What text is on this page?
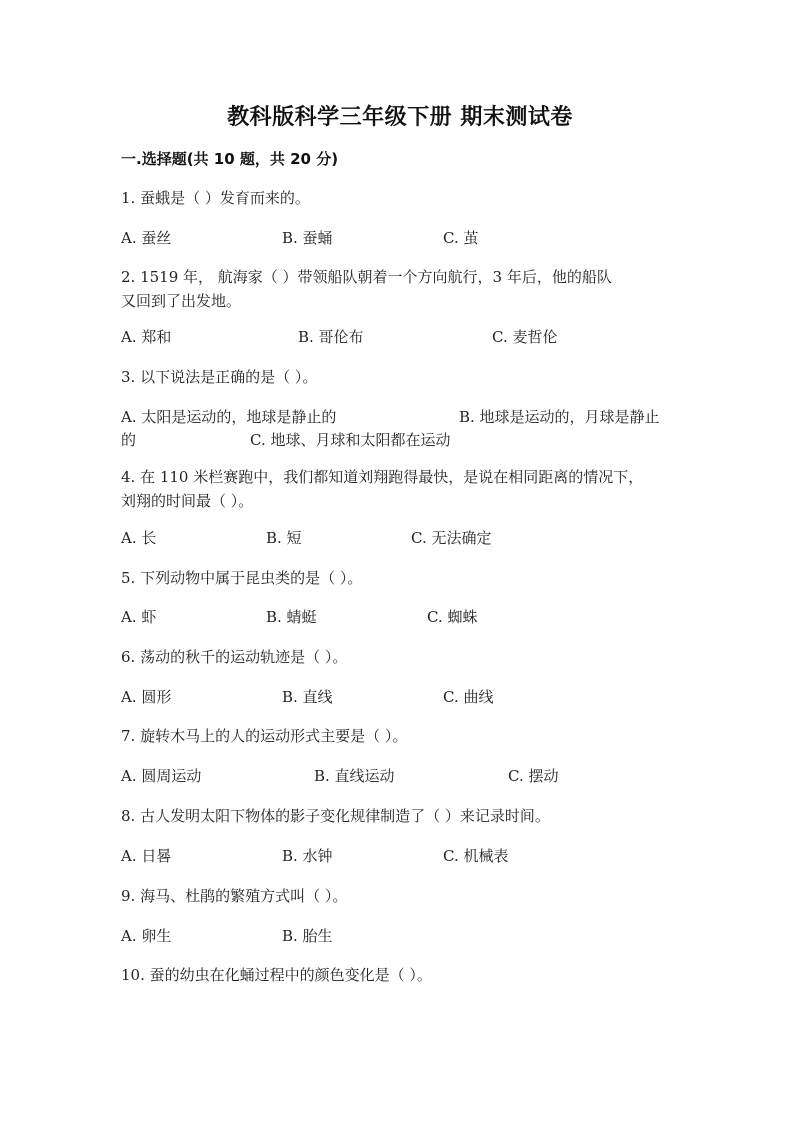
教科版科学三年级下册 期末测试卷
一.选择题(共 10 题，共 20 分)
1. 蚕蛾是（ ）发育而来的。
A. 蚕丝	B. 蚕蛹	C. 茧
2. 1519 年， 航海家（ ）带领船队朝着一个方向航行，3 年后，他的船队
又回到了出发地。
A. 郑和	B. 哥伦布	C. 麦哲伦
3. 以下说法是正确的是（ ）。
A. 太阳是运动的，地球是静止的	B. 地球是运动的，月球是静止
的	C. 地球、月球和太阳都在运动
4. 在 110 米栏赛跑中，我们都知道刘翔跑得最快，是说在相同距离的情况下，
刘翔的时间最（ ）。
A. 长	B. 短	C. 无法确定
5. 下列动物中属于昆虫类的是（ ）。
A. 虾	B. 蜻蜓	C. 蜘蛛
6. 荡动的秋千的运动轨迹是（ ）。
A. 圆形	B. 直线	C. 曲线
7. 旋转木马上的人的运动形式主要是（ ）。
A. 圆周运动	B. 直线运动	C. 摆动
8. 古人发明太阳下物体的影子变化规律制造了（ ）来记录时间。
A. 日晷	B. 水钟	C. 机械表
9. 海马、杜鹃的繁殖方式叫（ ）。
A. 卵生	B. 胎生
10. 蚕的幼虫在化蛹过程中的颜色变化是（ ）。
